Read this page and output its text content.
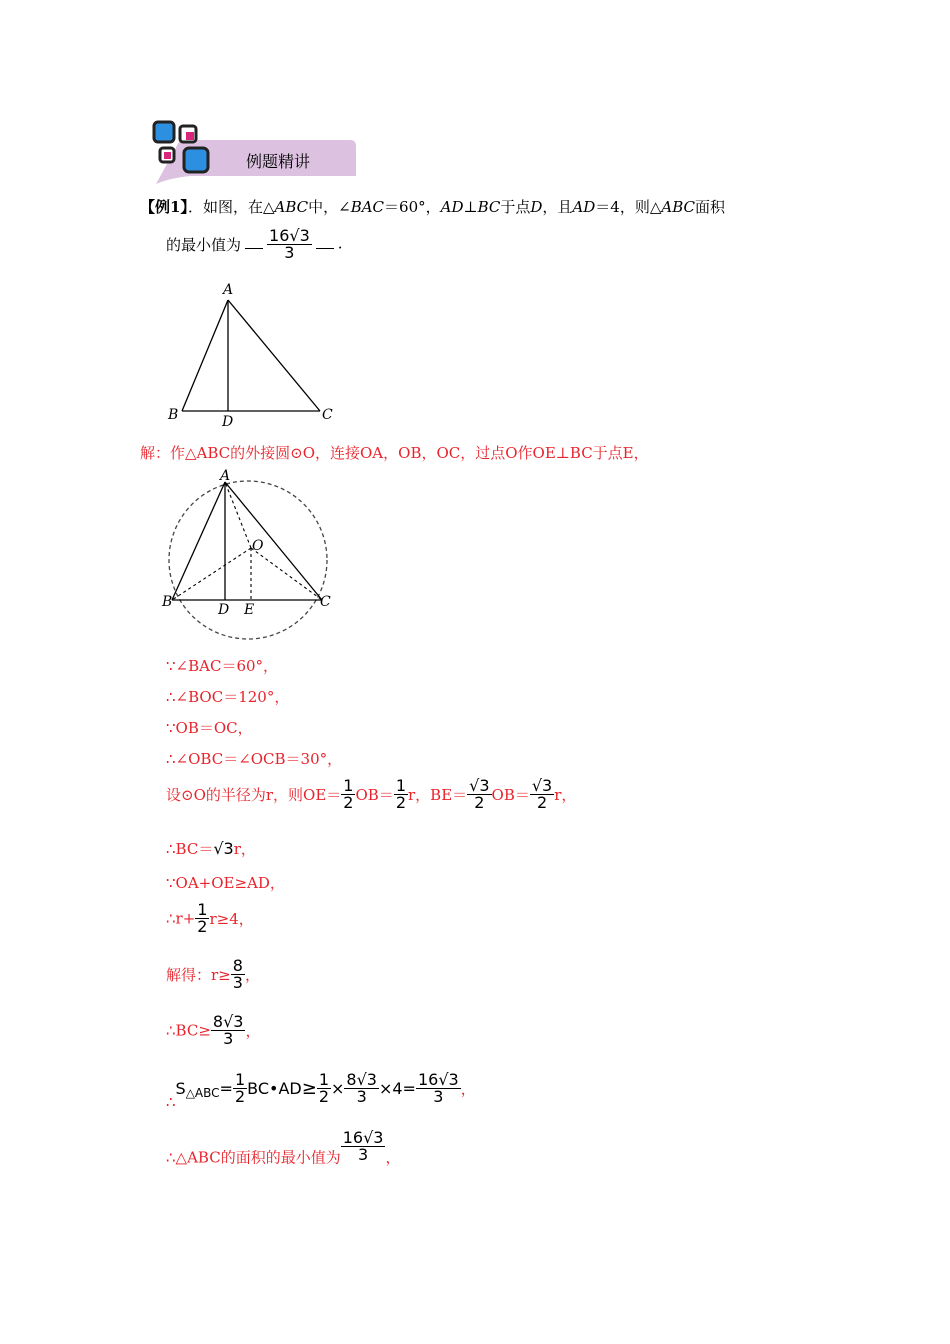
例题精讲
【例1】．如图，在△ABC中，∠BAC＝60°，AD⊥BC于点D，且AD＝4，则△ABC面积
的最小值为 $\frac{16√3}{3}$ .
A
B	C
D
解：作△ABC的外接圆⊙O，连接OA，OB，OC，过点O作OE⊥BC于点E，
A
B	C
D E
O
∵∠BAC＝60°，
∴∠BOC＝120°，
∵OB＝OC，
∴∠OBC＝∠OCB＝30°，
设⊙O的半径为r，则$OE= \frac{1}{2} OB= \frac{1}{2}$ r，$BE= \frac{√3}{2} OB= \frac{√3}{2}$ r，
∴BC＝√3r，
∵OA+OE≥AD，
∴r+ $\frac{1}{2} r\ge 4$，
解得：$r\ge \frac{8}{3}$ ，
∴BC≥ $\frac{8√3}{3}$ ，
$\therefore S_{\triangle ABC}= \frac{1}{2}$ BC•AD≥ $\frac{1}{2} \times \frac{8√3}{3} \times 4= \frac{16√3}{3}$ ，
∴△ABC的面积的最小值为 $\frac{16√3}{3}$ ，
